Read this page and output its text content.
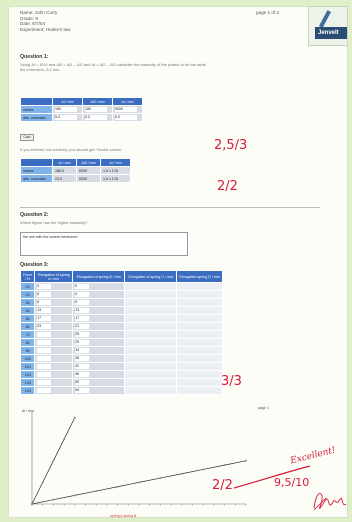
Name: John Curry
Grade: 9
Date: 6/7/04
Experiment: Hooke's law
page 1 of 4
Jenvelt
Question 1:
Using Δl = Δl·l0 and Δl0 = Δl1 – Δl2 and Δl = Δl2 – Δl3 calculate the elasticity of the plastic to be the table
the extension, Δ l/ mm.
	Δl / mm	Δl0 / mm	Δl / mm
values	180	180	0000
abs. uncertain	5.0	5.0	5.0
Calc
If you entered not correctly you should get: Hooke values
	Δl / mm	Δl0 / mm	Δl / mm
values	180.0	0000	1.0 x 178
abs. uncertain	23.0	0000	1.0 x 178
2,5/3
2/2
Question 2:
Which figure has the higher elasticity?
the one with the lowest mentioned
Question 3:
Force / N	Elongation of spring A / mm	Elongation of spring B / mm	Elongation of spring C / mm	Elongation spring D / mm
10	0	0		
20	6	4		
30	8	9		
40	13	13		
50	17	17		
60	23	21		
70		25		
80		29		
90		34		
100		38		
110		42		
120		46		
130		50		
140		54		
page 1
3/3
Δl / mm
spring A spring B
2/2
Excellent!
9,5/10
